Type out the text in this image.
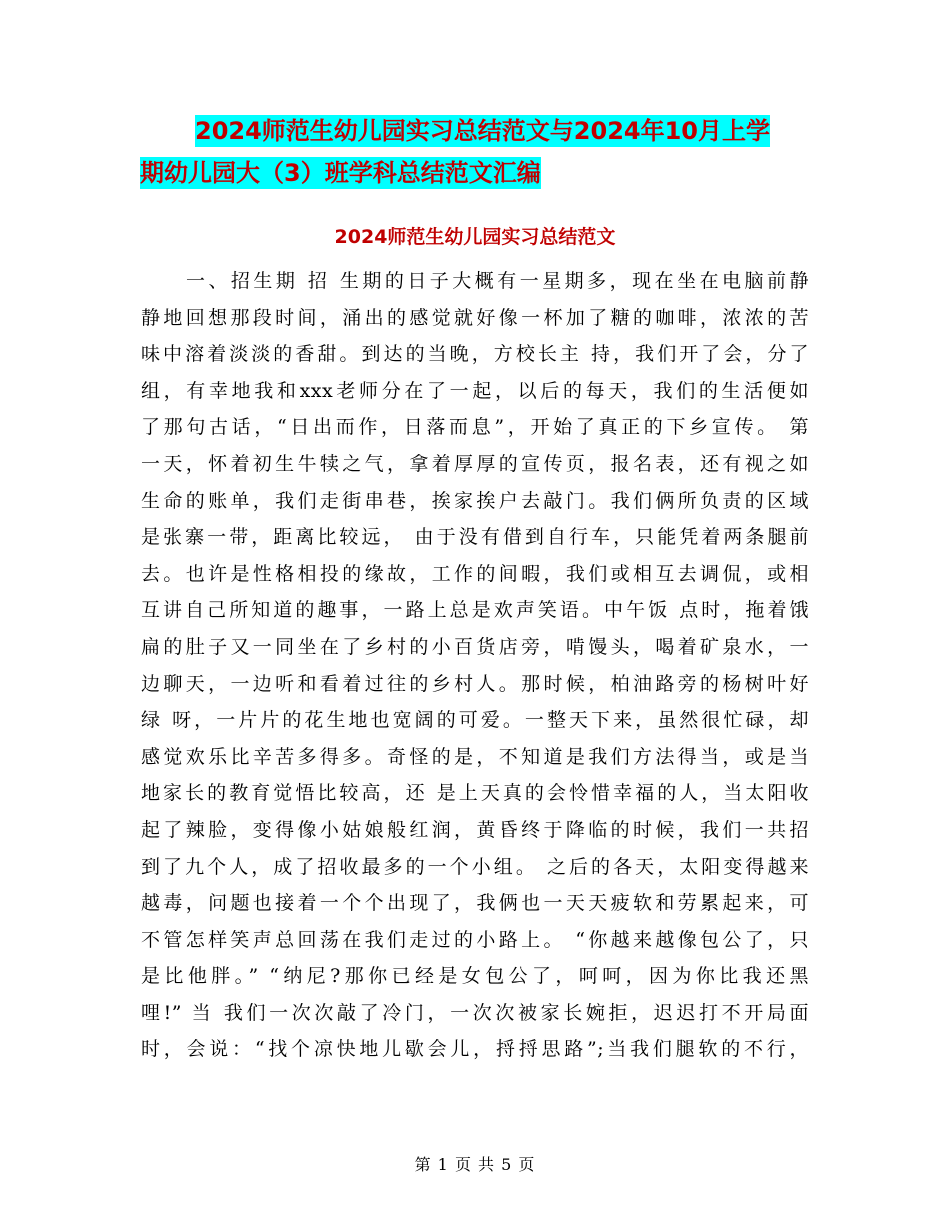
2024师范生幼儿园实习总结范文与2024年10月上学
期幼儿园大（3）班学科总结范文汇编
2024师范生幼儿园实习总结范文
　　一、招生期 招 生期的日子大概有一星期多，现在坐在电脑前静
静地回想那段时间，涌出的感觉就好像一杯加了糖的咖啡，浓浓的苦
味中溶着淡淡的香甜。到达的当晚，方校长主 持，我们开了会，分了
组，有幸地我和xxx老师分在了一起，以后的每天，我们的生活便如
了那句古话，“日出而作，日落而息”，开始了真正的下乡宣传。 第
一天，怀着初生牛犊之气，拿着厚厚的宣传页，报名表，还有视之如
生命的账单，我们走街串巷，挨家挨户去敲门。我们俩所负责的区域
是张寨一带，距离比较远， 由于没有借到自行车，只能凭着两条腿前
去。也许是性格相投的缘故，工作的间暇，我们或相互去调侃，或相
互讲自己所知道的趣事，一路上总是欢声笑语。中午饭 点时，拖着饿
扁的肚子又一同坐在了乡村的小百货店旁，啃馒头，喝着矿泉水，一
边聊天，一边听和看着过往的乡村人。那时候，柏油路旁的杨树叶好
绿 呀，一片片的花生地也宽阔的可爱。一整天下来，虽然很忙碌，却
感觉欢乐比辛苦多得多。奇怪的是，不知道是我们方法得当，或是当
地家长的教育觉悟比较高，还 是上天真的会怜惜幸福的人，当太阳收
起了辣脸，变得像小姑娘般红润，黄昏终于降临的时候，我们一共招
到了九个人，成了招收最多的一个小组。 之后的各天，太阳变得越来
越毒，问题也接着一个个出现了，我俩也一天天疲软和劳累起来，可
不管怎样笑声总回荡在我们走过的小路上。 “你越来越像包公了，只
是比他胖。” “纳尼?那你已经是女包公了，呵呵，因为你比我还黑
哩!” 当 我们一次次敲了冷门，一次次被家长婉拒，迟迟打不开局面
时，会说：“找个凉快地儿歇会儿，捋捋思路”;当我们腿软的不行，
第 1 页 共 5 页
